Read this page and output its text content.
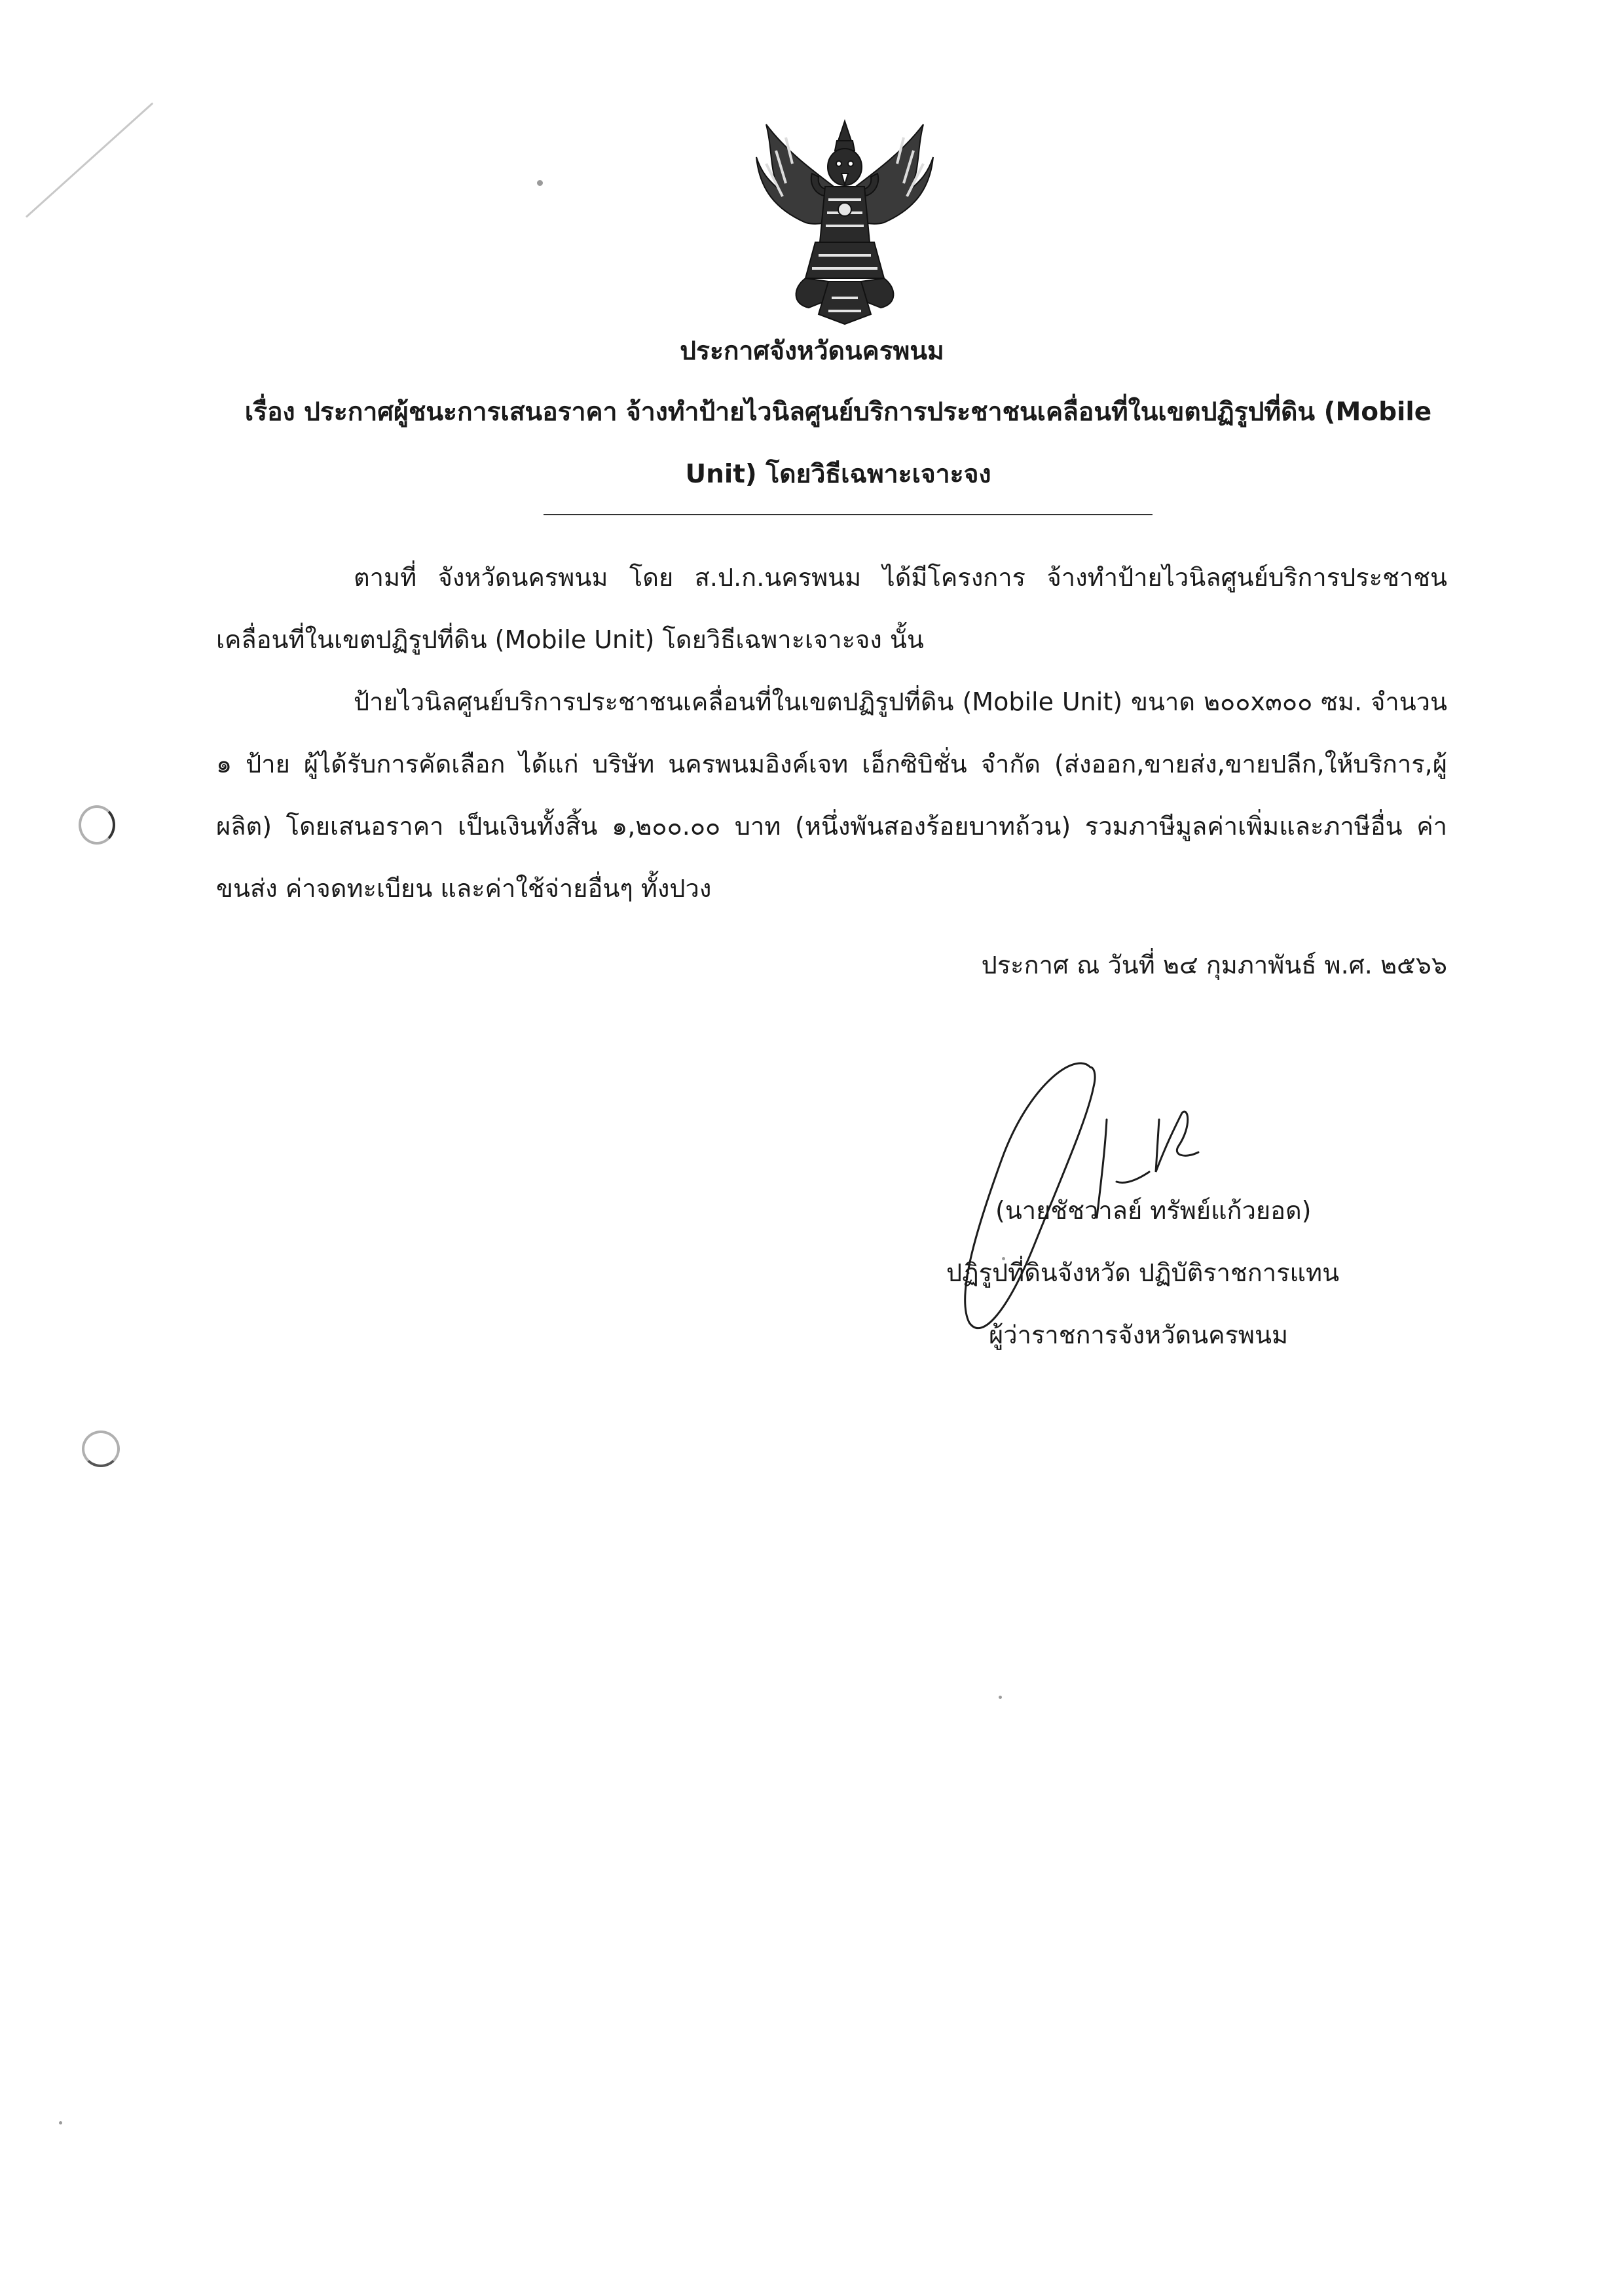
ประกาศจังหวัดนครพนม
เรื่อง ประกาศผู้ชนะการเสนอราคา จ้างทำป้ายไวนิลศูนย์บริการประชาชนเคลื่อนที่ในเขตปฏิรูปที่ดิน (Mobile Unit) โดยวิธีเฉพาะเจาะจง
ตามที่ จังหวัดนครพนม โดย ส.ป.ก.นครพนม ได้มีโครงการ จ้างทำป้ายไวนิลศูนย์บริการประชาชนเคลื่อนที่ในเขตปฏิรูปที่ดิน (Mobile Unit) โดยวิธีเฉพาะเจาะจง นั้น
ป้ายไวนิลศูนย์บริการประชาชนเคลื่อนที่ในเขตปฏิรูปที่ดิน (Mobile Unit) ขนาด ๒๐๐x๓๐๐ ซม. จำนวน ๑ ป้าย ผู้ได้รับการคัดเลือก ได้แก่ บริษัท นครพนมอิงค์เจท เอ็กซิบิชั่น จำกัด (ส่งออก,ขายส่ง,ขายปลีก,ให้บริการ,ผู้ผลิต) โดยเสนอราคา เป็นเงินทั้งสิ้น ๑,๒๐๐.๐๐ บาท (หนึ่งพันสองร้อยบาทถ้วน) รวมภาษีมูลค่าเพิ่มและภาษีอื่น ค่าขนส่ง ค่าจดทะเบียน และค่าใช้จ่ายอื่นๆ ทั้งปวง
ประกาศ ณ วันที่ ๒๔ กุมภาพันธ์ พ.ศ. ๒๕๖๖
(นายชัชวาลย์ ทรัพย์แก้วยอด)
ปฏิรูปที่ดินจังหวัด ปฏิบัติราชการแทน
ผู้ว่าราชการจังหวัดนครพนม
